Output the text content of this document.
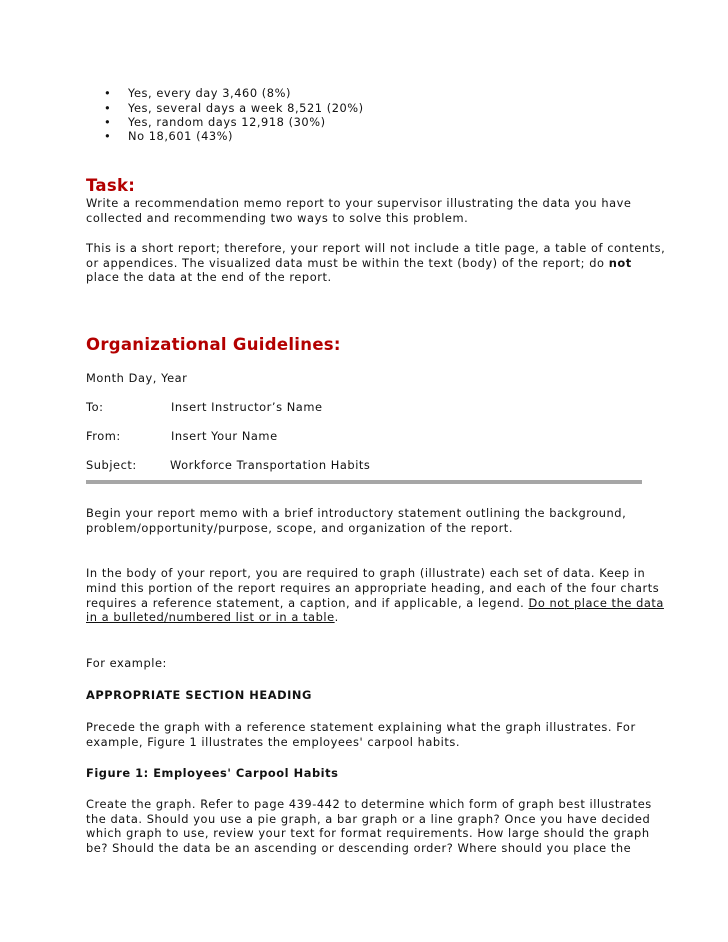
• Yes, every day 3,460 (8%)
• Yes, several days a week 8,521 (20%)
• Yes, random days 12,918 (30%)
• No 18,601 (43%)
Task:
Write a recommendation memo report to your supervisor illustrating the data you have
collected and recommending two ways to solve this problem.
This is a short report; therefore, your report will not include a title page, a table of contents,
or appendices. The visualized data must be within the text (body) of the report; do not
place the data at the end of the report.
Organizational Guidelines:
Month Day, Year
To:	Insert Instructor’s Name
From:	Insert Your Name
Subject:	Workforce Transportation Habits
Begin your report memo with a brief introductory statement outlining the background,
problem/opportunity/purpose, scope, and organization of the report.
In the body of your report, you are required to graph (illustrate) each set of data. Keep in
mind this portion of the report requires an appropriate heading, and each of the four charts
requires a reference statement, a caption, and if applicable, a legend. Do not place the data
in a bulleted/numbered list or in a table.
For example:
APPROPRIATE SECTION HEADING
Precede the graph with a reference statement explaining what the graph illustrates. For
example, Figure 1 illustrates the employees' carpool habits.
Figure 1: Employees' Carpool Habits
Create the graph. Refer to page 439-442 to determine which form of graph best illustrates
the data. Should you use a pie graph, a bar graph or a line graph? Once you have decided
which graph to use, review your text for format requirements. How large should the graph
be? Should the data be an ascending or descending order? Where should you place the
